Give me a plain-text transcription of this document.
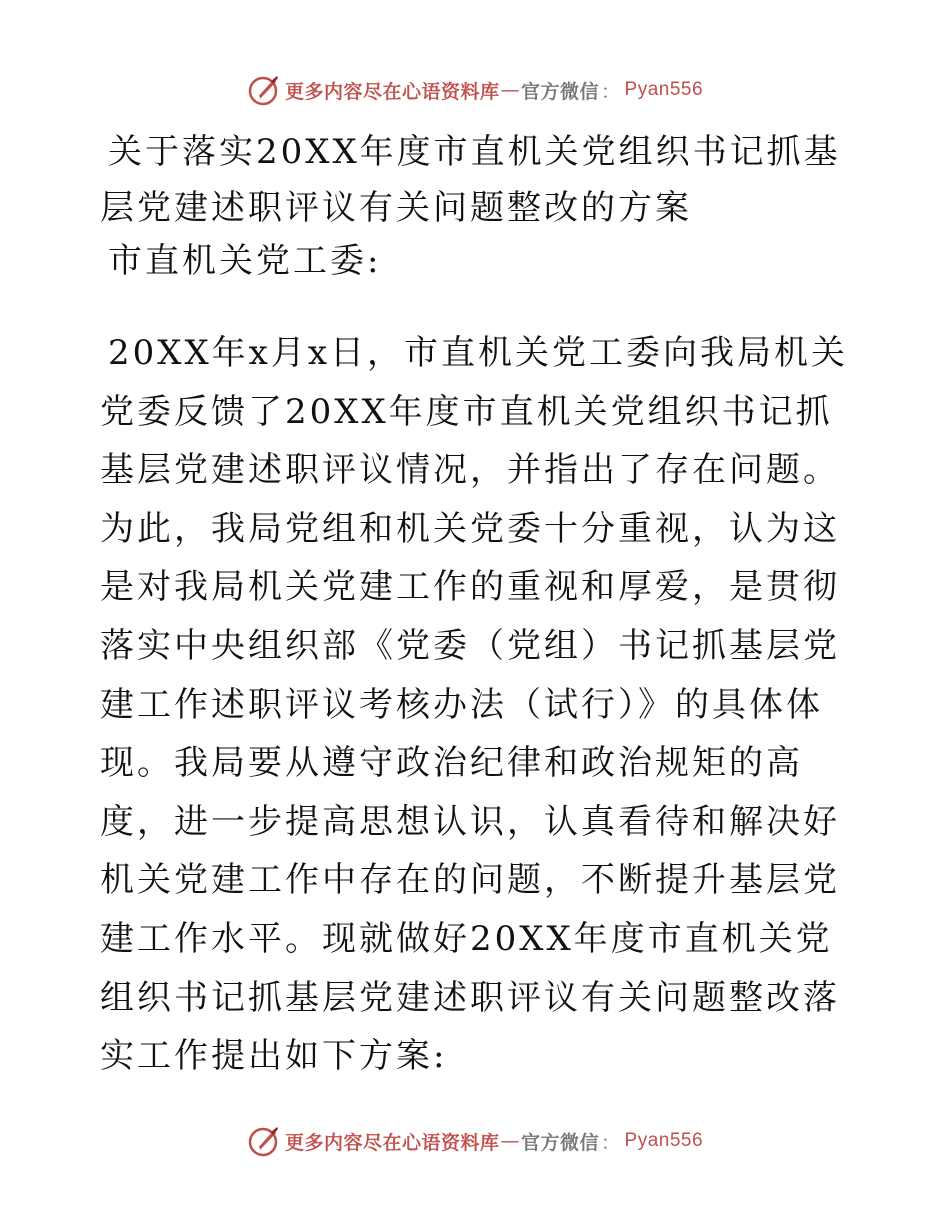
更多内容尽在心语资料库 — 官方微信 ： Pyan556
关于落实20XX年度市直机关党组织书记抓基层党建述职评议有关问题整改的方案

市直机关党工委:

20XX年x月x日，市直机关党工委向我局机关党委反馈了20XX年度市直机关党组织书记抓基层党建述职评议情况，并指出了存在问题。为此，我局党组和机关党委十分重视，认为这是对我局机关党建工作的重视和厚爱，是贯彻落实中央组织部《党委（党组）书记抓基层党建工作述职评议考核办法（试行）》的具体体现。我局要从遵守政治纪律和政治规矩的高度，进一步提高思想认识，认真看待和解决好机关党建工作中存在的问题，不断提升基层党建工作水平。现就做好20XX年度市直机关党组织书记抓基层党建述职评议有关问题整改落实工作提出如下方案:

更多内容尽在心语资料库 — 官方微信 ： Pyan556
